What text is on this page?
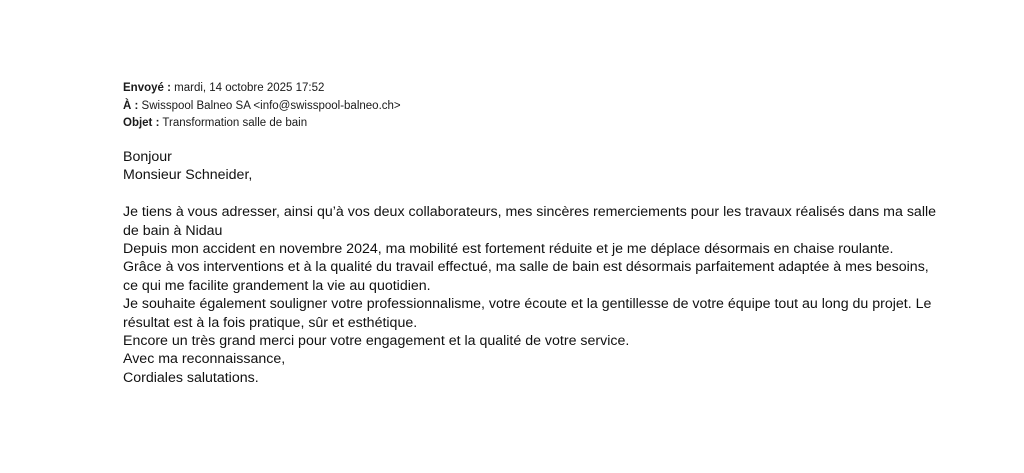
Envoyé : mardi, 14 octobre 2025 17:52
À : Swisspool Balneo SA <info@swisspool-balneo.ch>
Objet : Transformation salle de bain
Bonjour
Monsieur Schneider,
Je tiens à vous adresser, ainsi qu’à vos deux collaborateurs, mes sincères remerciements pour les travaux réalisés dans ma salle
de bain à Nidau
Depuis mon accident en novembre 2024, ma mobilité est fortement réduite et je me déplace désormais en chaise roulante.
Grâce à vos interventions et à la qualité du travail effectué, ma salle de bain est désormais parfaitement adaptée à mes besoins,
ce qui me facilite grandement la vie au quotidien.
Je souhaite également souligner votre professionnalisme, votre écoute et la gentillesse de votre équipe tout au long du projet. Le
résultat est à la fois pratique, sûr et esthétique.
Encore un très grand merci pour votre engagement et la qualité de votre service.
Avec ma reconnaissance,
Cordiales salutations.
